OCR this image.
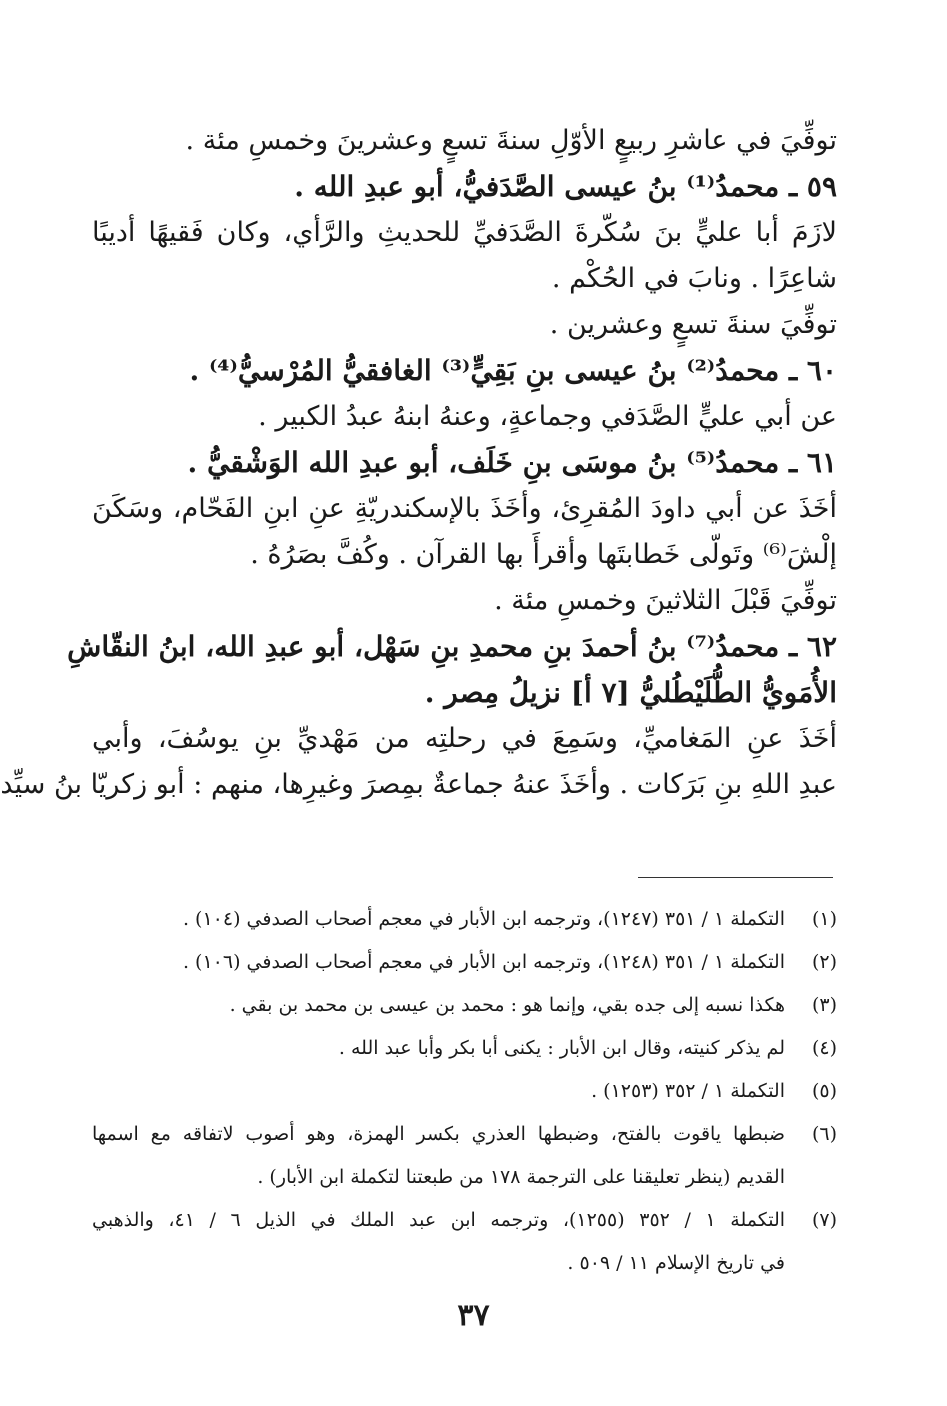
توفِّيَ في عاشرِ ربيعٍ الأوّلِ سنةَ تسعٍ وعشرينَ وخمسِ مئة .
٥٩ ـ محمدُ⁽¹⁾ بنُ عيسى الصَّدَفيُّ، أبو عبدِ الله .
لازَمَ أبا عليٍّ بنَ سُكّرةَ الصَّدَفيِّ للحديثِ والرَّأي، وكان فَقيهًا أديبًا
شاعِرًا . ونابَ في الحُكْم .
توفِّيَ سنةَ تسعٍ وعشرين .
٦٠ ـ محمدُ⁽²⁾ بنُ عيسى بنِ بَقِيٍّ⁽³⁾ الغافقيُّ المُرْسيُّ⁽⁴⁾ .
عن أبي عليٍّ الصَّدَفي وجماعةٍ، وعنهُ ابنهُ عبدُ الكبير .
٦١ ـ محمدُ⁽⁵⁾ بنُ موسَى بنِ خَلَف، أبو عبدِ الله الوَشْقيُّ .
أخَذَ عن أبي داودَ المُقرِئ، وأخَذَ بالإسكندريّةِ عنِ ابنِ الفَحّام، وسَكَنَ
إلْشَ⁽⁶⁾ وتَولّى خَطابتَها وأقرأَ بها القرآن . وكُفَّ بصَرُهُ .
توفِّيَ قَبْلَ الثلاثينَ وخمسِ مئة .
٦٢ ـ محمدُ⁽⁷⁾ بنُ أحمدَ بنِ محمدِ بنِ سَهْل، أبو عبدِ الله، ابنُ النقّاشِ
الأُمَويُّ الطُّلَيْطُليُّ [٧ أ] نزيلُ مِصر .
أخَذَ عنِ المَغاميِّ، وسَمِعَ في رحلتِه من مَهْديِّ بنِ يوسُفَ، وأبي
عبدِ اللهِ بنِ بَرَكات . وأخَذَ عنهُ جماعةٌ بمِصرَ وغيرِها، منهم : أبو زكريّا بنُ سيِّد
(١)
التكملة ١ / ٣٥١ (١٢٤٧)، وترجمه ابن الأبار في معجم أصحاب الصدفي (١٠٤) .
(٢)
التكملة ١ / ٣٥١ (١٢٤٨)، وترجمه ابن الأبار في معجم أصحاب الصدفي (١٠٦) .
(٣)
هكذا نسبه إلى جده بقي، وإنما هو : محمد بن عيسى بن محمد بن بقي .
(٤)
لم يذكر كنيته، وقال ابن الأبار : يكنى أبا بكر وأبا عبد الله .
(٥)
التكملة ١ / ٣٥٢ (١٢٥٣) .
(٦)
ضبطها ياقوت بالفتح، وضبطها العذري بكسر الهمزة، وهو أصوب لاتفاقه مع اسمها
القديم (ينظر تعليقنا على الترجمة ١٧٨ من طبعتنا لتكملة ابن الأبار) .
(٧)
التكملة ١ / ٣٥٢ (١٢٥٥)، وترجمه ابن عبد الملك في الذيل ٦ / ٤١، والذهبي
في تاريخ الإسلام ١١ / ٥٠٩ .
٣٧
